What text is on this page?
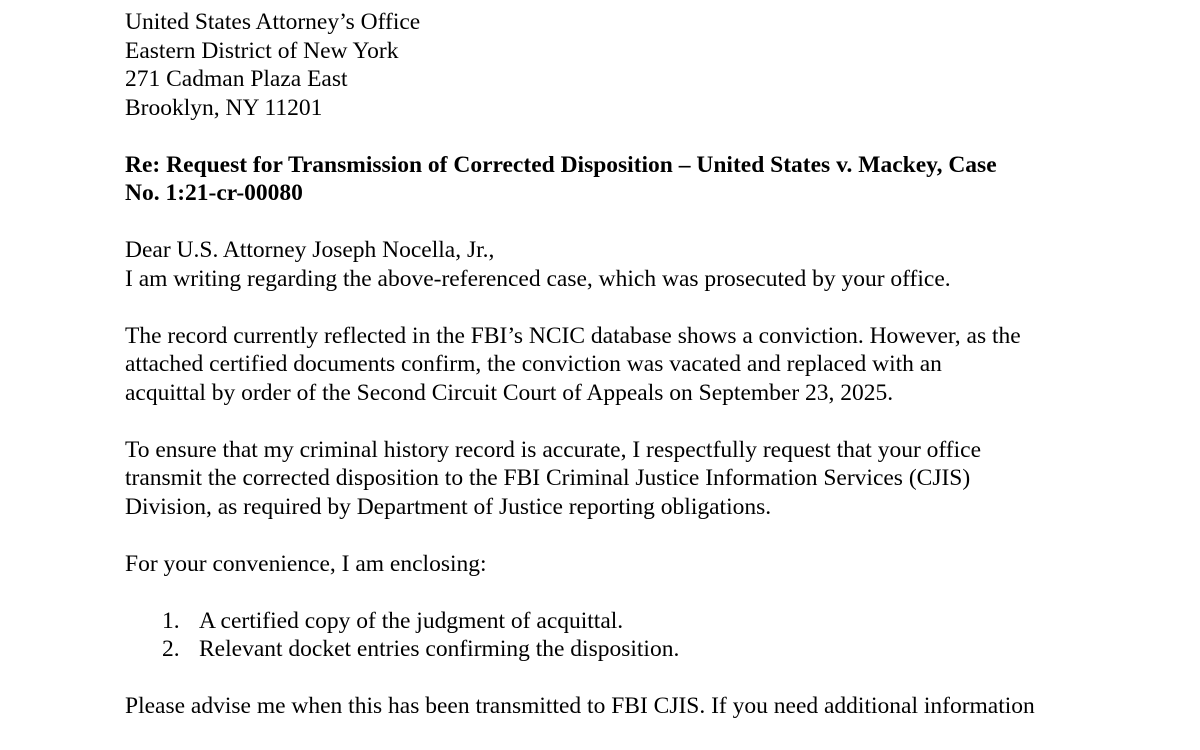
United States Attorney’s Office
Eastern District of New York
271 Cadman Plaza East
Brooklyn, NY 11201
Re: Request for Transmission of Corrected Disposition – United States v. Mackey, Case
No. 1:21-cr-00080

Dear U.S. Attorney Joseph Nocella, Jr.,

I am writing regarding the above-referenced case, which was prosecuted by your office.
The record currently reflected in the FBI’s NCIC database shows a conviction. However, as the
attached certified documents confirm, the conviction was vacated and replaced with an
acquittal by order of the Second Circuit Court of Appeals on September 23, 2025.
To ensure that my criminal history record is accurate, I respectfully request that your office
transmit the corrected disposition to the FBI Criminal Justice Information Services (CJIS)
Division, as required by Department of Justice reporting obligations.
For your convenience, I am enclosing:
1. A certified copy of the judgment of acquittal.
2. Relevant docket entries confirming the disposition.
Please advise me when this has been transmitted to FBI CJIS. If you need additional information
